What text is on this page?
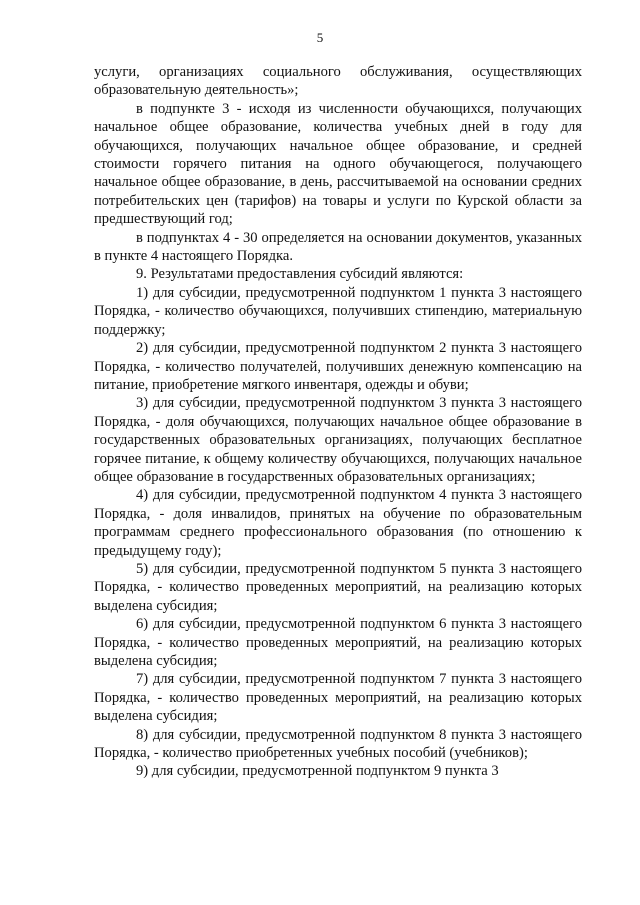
5

услуги, организациях социального обслуживания, осуществляющих образовательную деятельность»;

в подпункте 3 - исходя из численности обучающихся, получающих начальное общее образование, количества учебных дней в году для обучающихся, получающих начальное общее образование, и средней стоимости горячего питания на одного обучающегося, получающего начальное общее образование, в день, рассчитываемой на основании средних потребительских цен (тарифов) на товары и услуги по Курской области за предшествующий год;

в подпунктах 4 - 30 определяется на основании документов, указанных в пункте 4 настоящего Порядка.

9. Результатами предоставления субсидий являются:

1) для субсидии, предусмотренной подпунктом 1 пункта 3 настоящего Порядка, - количество обучающихся, получивших стипендию, материальную поддержку;

2) для субсидии, предусмотренной подпунктом 2 пункта 3 настоящего Порядка, - количество получателей, получивших денежную компенсацию на питание, приобретение мягкого инвентаря, одежды и обуви;

3) для субсидии, предусмотренной подпунктом 3 пункта 3 настоящего Порядка, - доля обучающихся, получающих начальное общее образование в государственных образовательных организациях, получающих бесплатное горячее питание, к общему количеству обучающихся, получающих начальное общее образование в государственных образовательных организациях;

4) для субсидии, предусмотренной подпунктом 4 пункта 3 настоящего Порядка, - доля инвалидов, принятых на обучение по образовательным программам среднего профессионального образования (по отношению к предыдущему году);

5) для субсидии, предусмотренной подпунктом 5 пункта 3 настоящего Порядка, - количество проведенных мероприятий, на реализацию которых выделена субсидия;

6) для субсидии, предусмотренной подпунктом 6 пункта 3 настоящего Порядка, - количество проведенных мероприятий, на реализацию которых выделена субсидия;

7) для субсидии, предусмотренной подпунктом 7 пункта 3 настоящего Порядка, - количество проведенных мероприятий, на реализацию которых выделена субсидия;

8) для субсидии, предусмотренной подпунктом 8 пункта 3 настоящего Порядка, - количество приобретенных учебных пособий (учебников);

9) для субсидии, предусмотренной подпунктом 9 пункта 3
